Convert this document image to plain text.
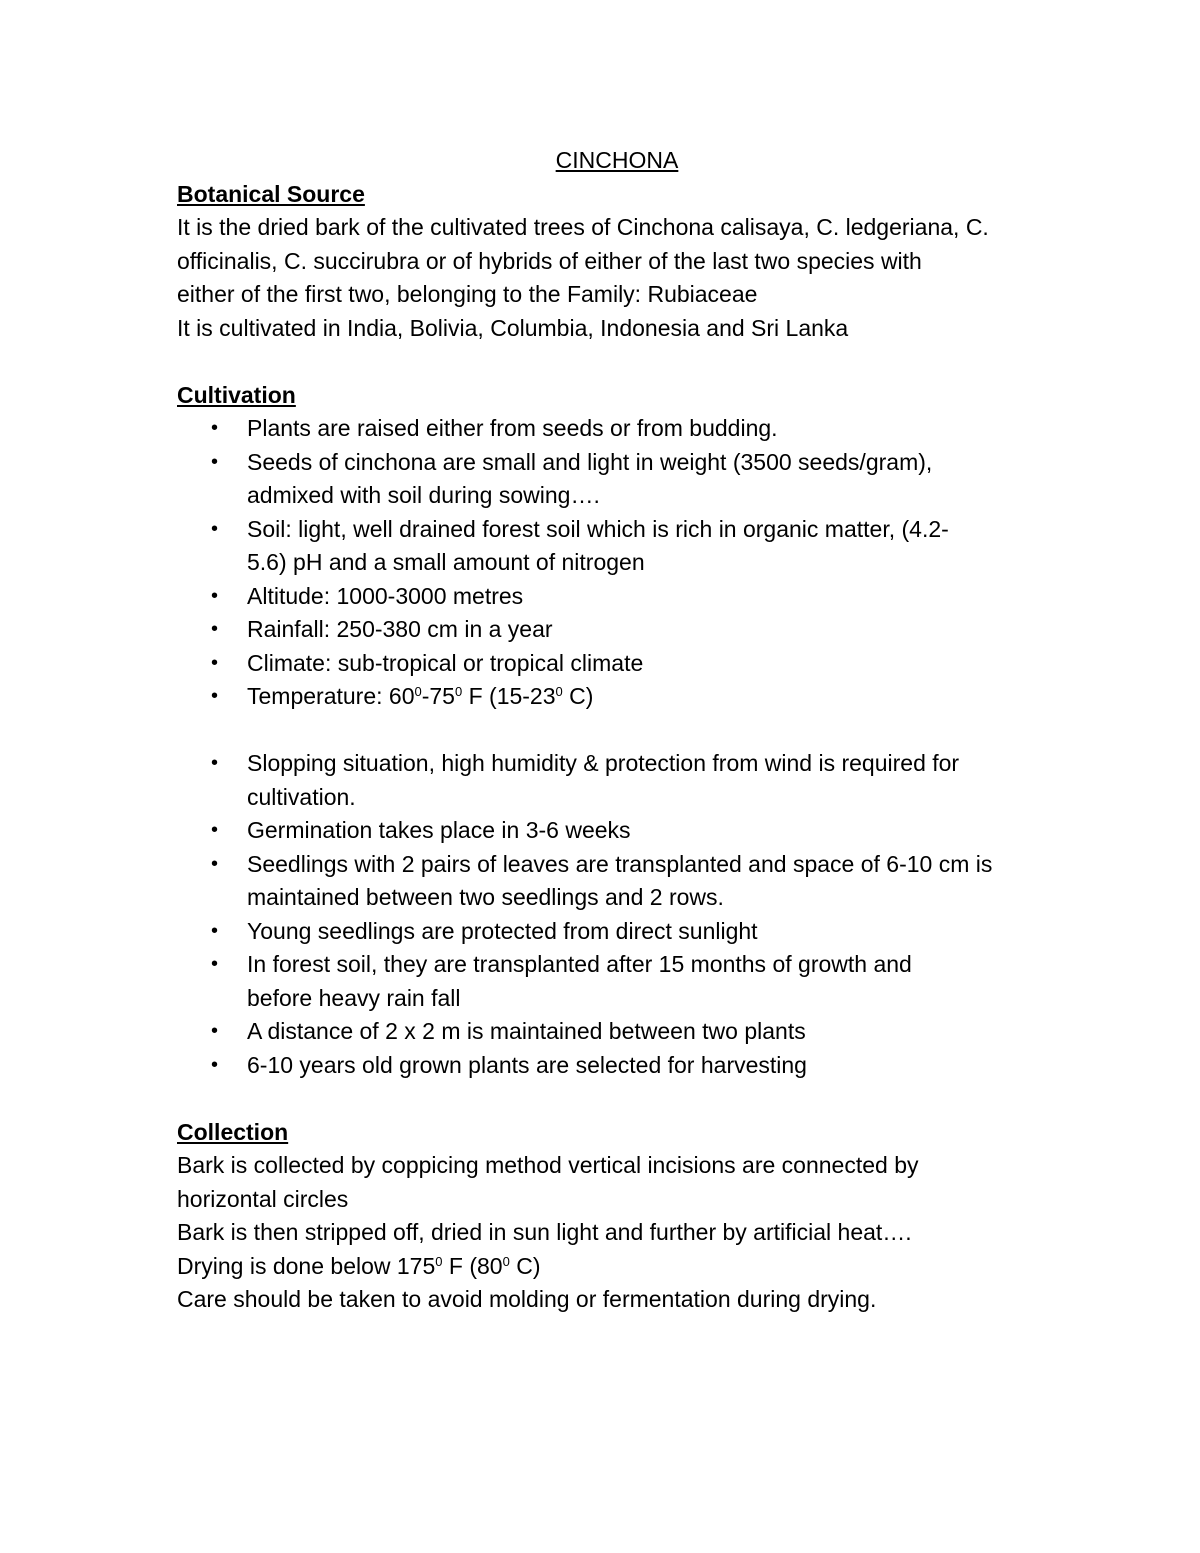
CINCHONA
Botanical Source

It is the dried bark of the cultivated trees of Cinchona calisaya, C. ledgeriana, C.

officinalis, C. succirubra or of hybrids of either of the last two species with

either of the first two, belonging to the Family: Rubiaceae

It is cultivated in India, Bolivia, Columbia, Indonesia and Sri Lanka

Cultivation
• Plants are raised either from seeds or from budding.
• Seeds of cinchona are small and light in weight (3500 seeds/gram),
admixed with soil during sowing….
• Soil: light, well drained forest soil which is rich in organic matter, (4.2-
5.6) pH and a small amount of nitrogen
• Altitude: 1000-3000 metres
• Rainfall: 250-380 cm in a year
• Climate: sub-tropical or tropical climate
• Temperature: $60^0-75^0$ F ($15-23^0$ C)
• Slopping situation, high humidity & protection from wind is required for
cultivation.
• Germination takes place in 3-6 weeks
• Seedlings with 2 pairs of leaves are transplanted and space of 6-10 cm is
maintained between two seedlings and 2 rows.
• Young seedlings are protected from direct sunlight
• In forest soil, they are transplanted after 15 months of growth and
before heavy rain fall
• A distance of 2 x 2 m is maintained between two plants
• 6-10 years old grown plants are selected for harvesting
Collection

Bark is collected by coppicing method vertical incisions are connected by

horizontal circles

Bark is then stripped off, dried in sun light and further by artificial heat….

Drying is done below $175^0$ F ($80^0$ C)

Care should be taken to avoid molding or fermentation during drying.
